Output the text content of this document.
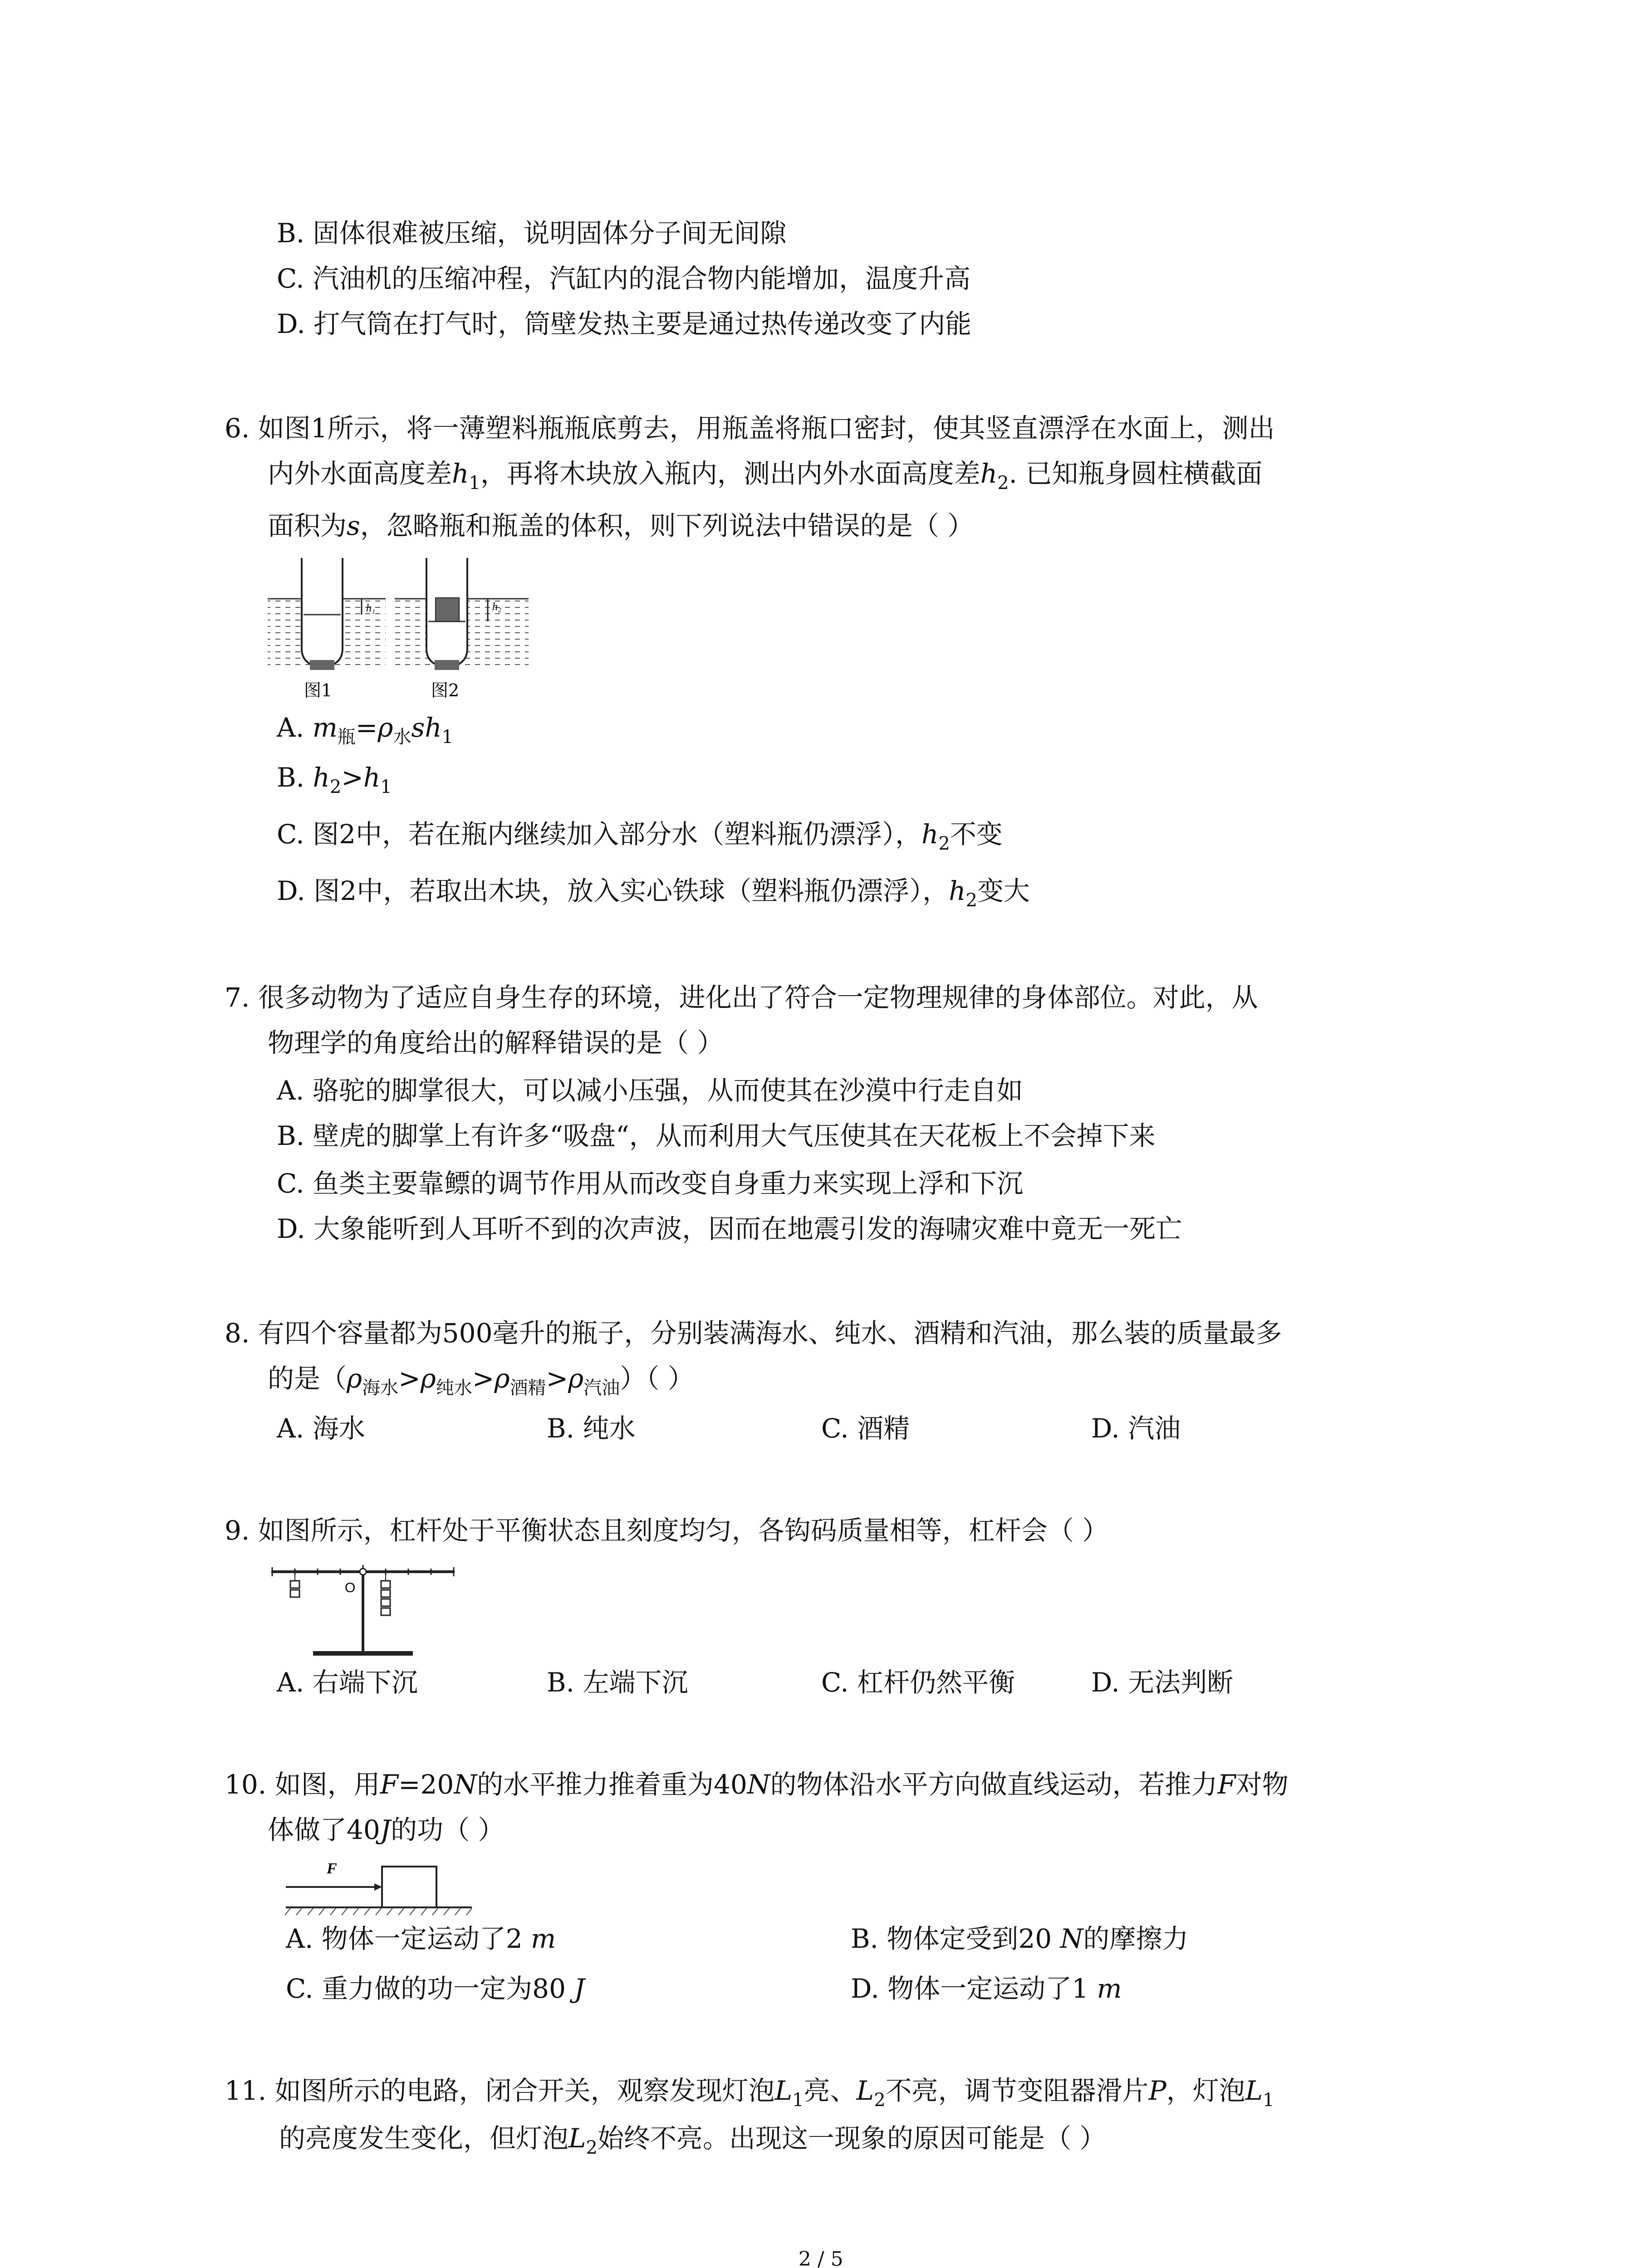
B. 固体很难被压缩，说明固体分子间无间隙
C. 汽油机的压缩冲程，汽缸内的混合物内能增加，温度升高
D. 打气筒在打气时，筒壁发热主要是通过热传递改变了内能
6. 如图1所示，将一薄塑料瓶瓶底剪去，用瓶盖将瓶口密封，使其竖直漂浮在水面上，测出
内外水面高度差$h_1$，再将木块放入瓶内，测出内外水面高度差$h_2$. 已知瓶身圆柱横截面
面积为s，忽略瓶和瓶盖的体积，则下列说法中错误的是（ ）
h₁	h₂
图1	图2
A. $m_瓶=\rho_水sh_1$
B. $h_2>h_1$
C. 图2中，若在瓶内继续加入部分水（塑料瓶仍漂浮），$h_2$不变
D. 图2中，若取出木块，放入实心铁球（塑料瓶仍漂浮），$h_2$变大
7. 很多动物为了适应自身生存的环境，进化出了符合一定物理规律的身体部位。对此，从
物理学的角度给出的解释错误的是（ ）
A. 骆驼的脚掌很大，可以减小压强，从而使其在沙漠中行走自如
B. 壁虎的脚掌上有许多“吸盘“，从而利用大气压使其在天花板上不会掉下来
C. 鱼类主要靠鳔的调节作用从而改变自身重力来实现上浮和下沉
D. 大象能听到人耳听不到的次声波，因而在地震引发的海啸灾难中竟无一死亡
8. 有四个容量都为500毫升的瓶子，分别装满海水、纯水、酒精和汽油，那么装的质量最多
的是$(\rho_{海水}>\rho_{纯水}>\rho_{酒精}>\rho_{汽油})$（ ）
A. 海水	B. 纯水	C. 酒精	D. 汽油
9. 如图所示，杠杆处于平衡状态且刻度均匀，各钩码质量相等，杠杆会（ ）
O
A. 右端下沉	B. 左端下沉	C. 杠杆仍然平衡	D. 无法判断
10. 如图，用F=20N的水平推力推着重为40N的物体沿水平方向做直线运动，若推力F对物
体做了40J的功（ ）
F
A. 物体一定运动了2 m	B. 物体定受到20 N的摩擦力
C. 重力做的功一定为80 J	D. 物体一定运动了1 m
11. 如图所示的电路，闭合开关，观察发现灯泡$L_1$亮、$L_2$不亮，调节变阻器滑片P，灯泡$L_1$
的亮度发生变化，但灯泡$L_2$始终不亮。出现这一现象的原因可能是（ ）
2 / 5
